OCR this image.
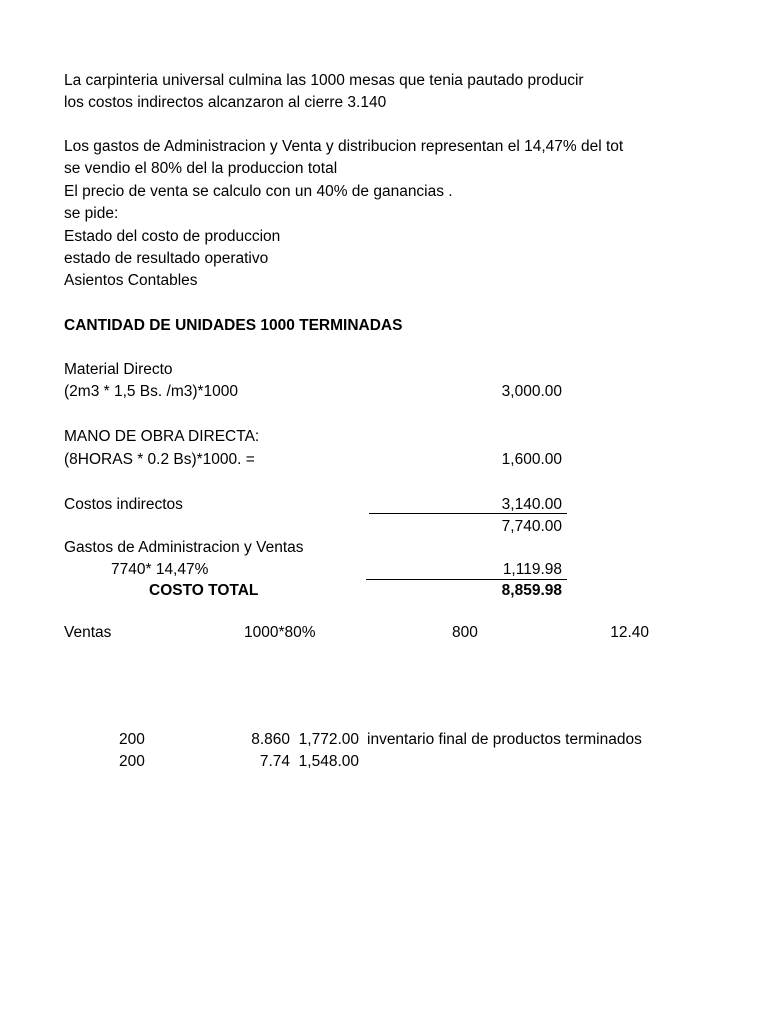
La carpinteria universal culmina las 1000 mesas que tenia pautado producir
los costos indirectos alcanzaron al cierre 3.140
Los gastos de Administracion y Venta y distribucion representan el 14,47% del tot
se vendio el 80% del la produccion total
El precio de venta se calculo con un 40% de ganancias .
se pide:
Estado del costo de produccion
estado de resultado operativo
Asientos Contables
CANTIDAD DE UNIDADES 1000 TERMINADAS
Material Directo
(2m3 * 1,5 Bs. /m3)*1000	3,000.00
MANO DE OBRA DIRECTA:
(8HORAS * 0.2 Bs)*1000. =	1,600.00
Costos indirectos	3,140.00
7,740.00
Gastos de Administracion y Ventas
7740* 14,47%	1,119.98
COSTO TOTAL	8,859.98
Ventas	1000*80%	800	12.40
200	8.860 1,772.00 inventario final de productos terminados
200	7.74 1,548.00
